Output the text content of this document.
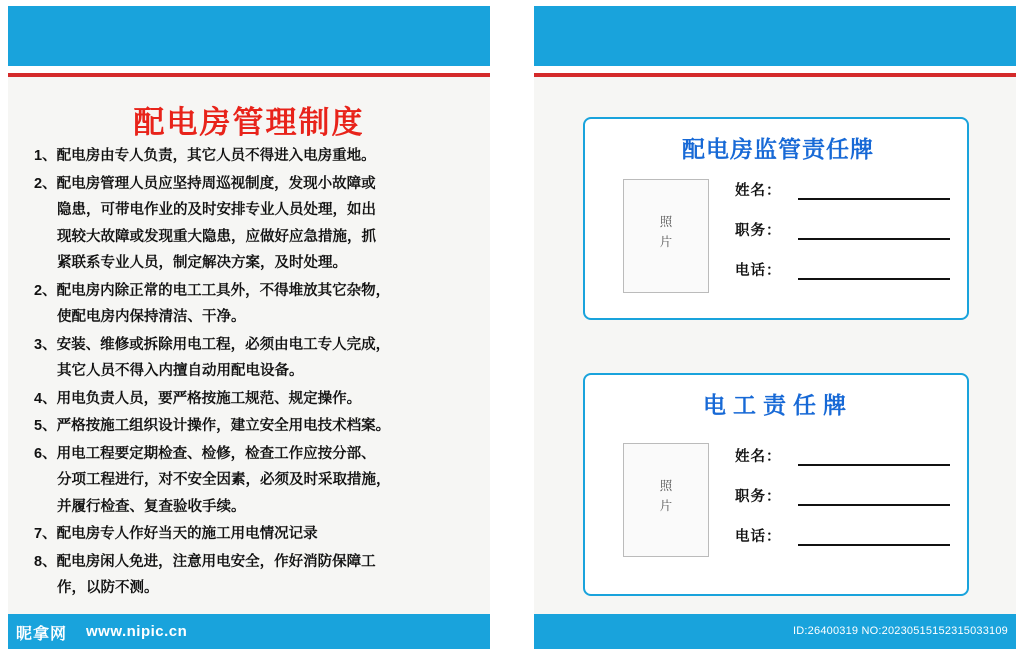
配电房管理制度
1、配电房由专人负责，其它人员不得进入电房重地。
2、配电房管理人员应坚持周巡视制度，发现小故障或
隐患，可带电作业的及时安排专业人员处理，如出
现较大故障或发现重大隐患，应做好应急措施，抓
紧联系专业人员，制定解决方案，及时处理。
2、配电房内除正常的电工工具外，不得堆放其它杂物，
使配电房内保持清洁、干净。
3、安装、维修或拆除用电工程，必须由电工专人完成，
其它人员不得入内擅自动用配电设备。
4、用电负责人员，要严格按施工规范、规定操作。
5、严格按施工组织设计操作，建立安全用电技术档案。
6、用电工程要定期检查、检修，检查工作应按分部、
分项工程进行，对不安全因素，必须及时采取措施，
并履行检查、复查验收手续。
7、配电房专人作好当天的施工用电情况记录
8、配电房闲人免进，注意用电安全，作好消防保障工
作，以防不测。
昵拿网 www.nipic.cn
配电房监管责任牌
照
片
姓名：
职务：
电话：
电工责任牌
照
片
姓名：
职务：
电话：
ID:26400319 NO:20230515152315033109
